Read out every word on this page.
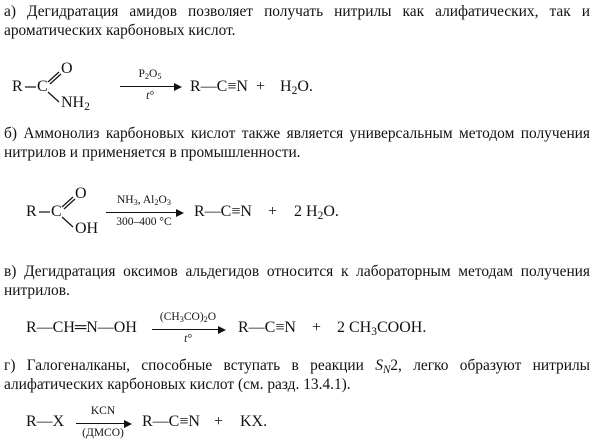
а) Дегидратация амидов позволяет получать нитрилы как алифатических, так и ароматических карбоновых кислот.
R C
O
$NH_2$
$P_2O_5$
t°
R—C≡N + $H_2O$.
б) Аммонолиз карбоновых кислот также является универсальным методом получения нитрилов и применяется в промышленности.
R C
O
OH
$NH_3$, $Al_2O_3$
300–400 °C
R—C≡N + 2 $H_2O$.
в) Дегидратация оксимов альдегидов относится к лабораторным методам получения нитрилов.
R—CH═N—OH
$(CH_3CO)_2O$
t°
R—C≡N + 2 $CH_3COOH$.
г) Галогеналканы, способные вступать в реакции $S_N2$, легко образуют нитрилы алифатических карбоновых кислот (см. разд. 13.4.1).
R—X
KCN
(ДМСО)
R—C≡N + KX.
